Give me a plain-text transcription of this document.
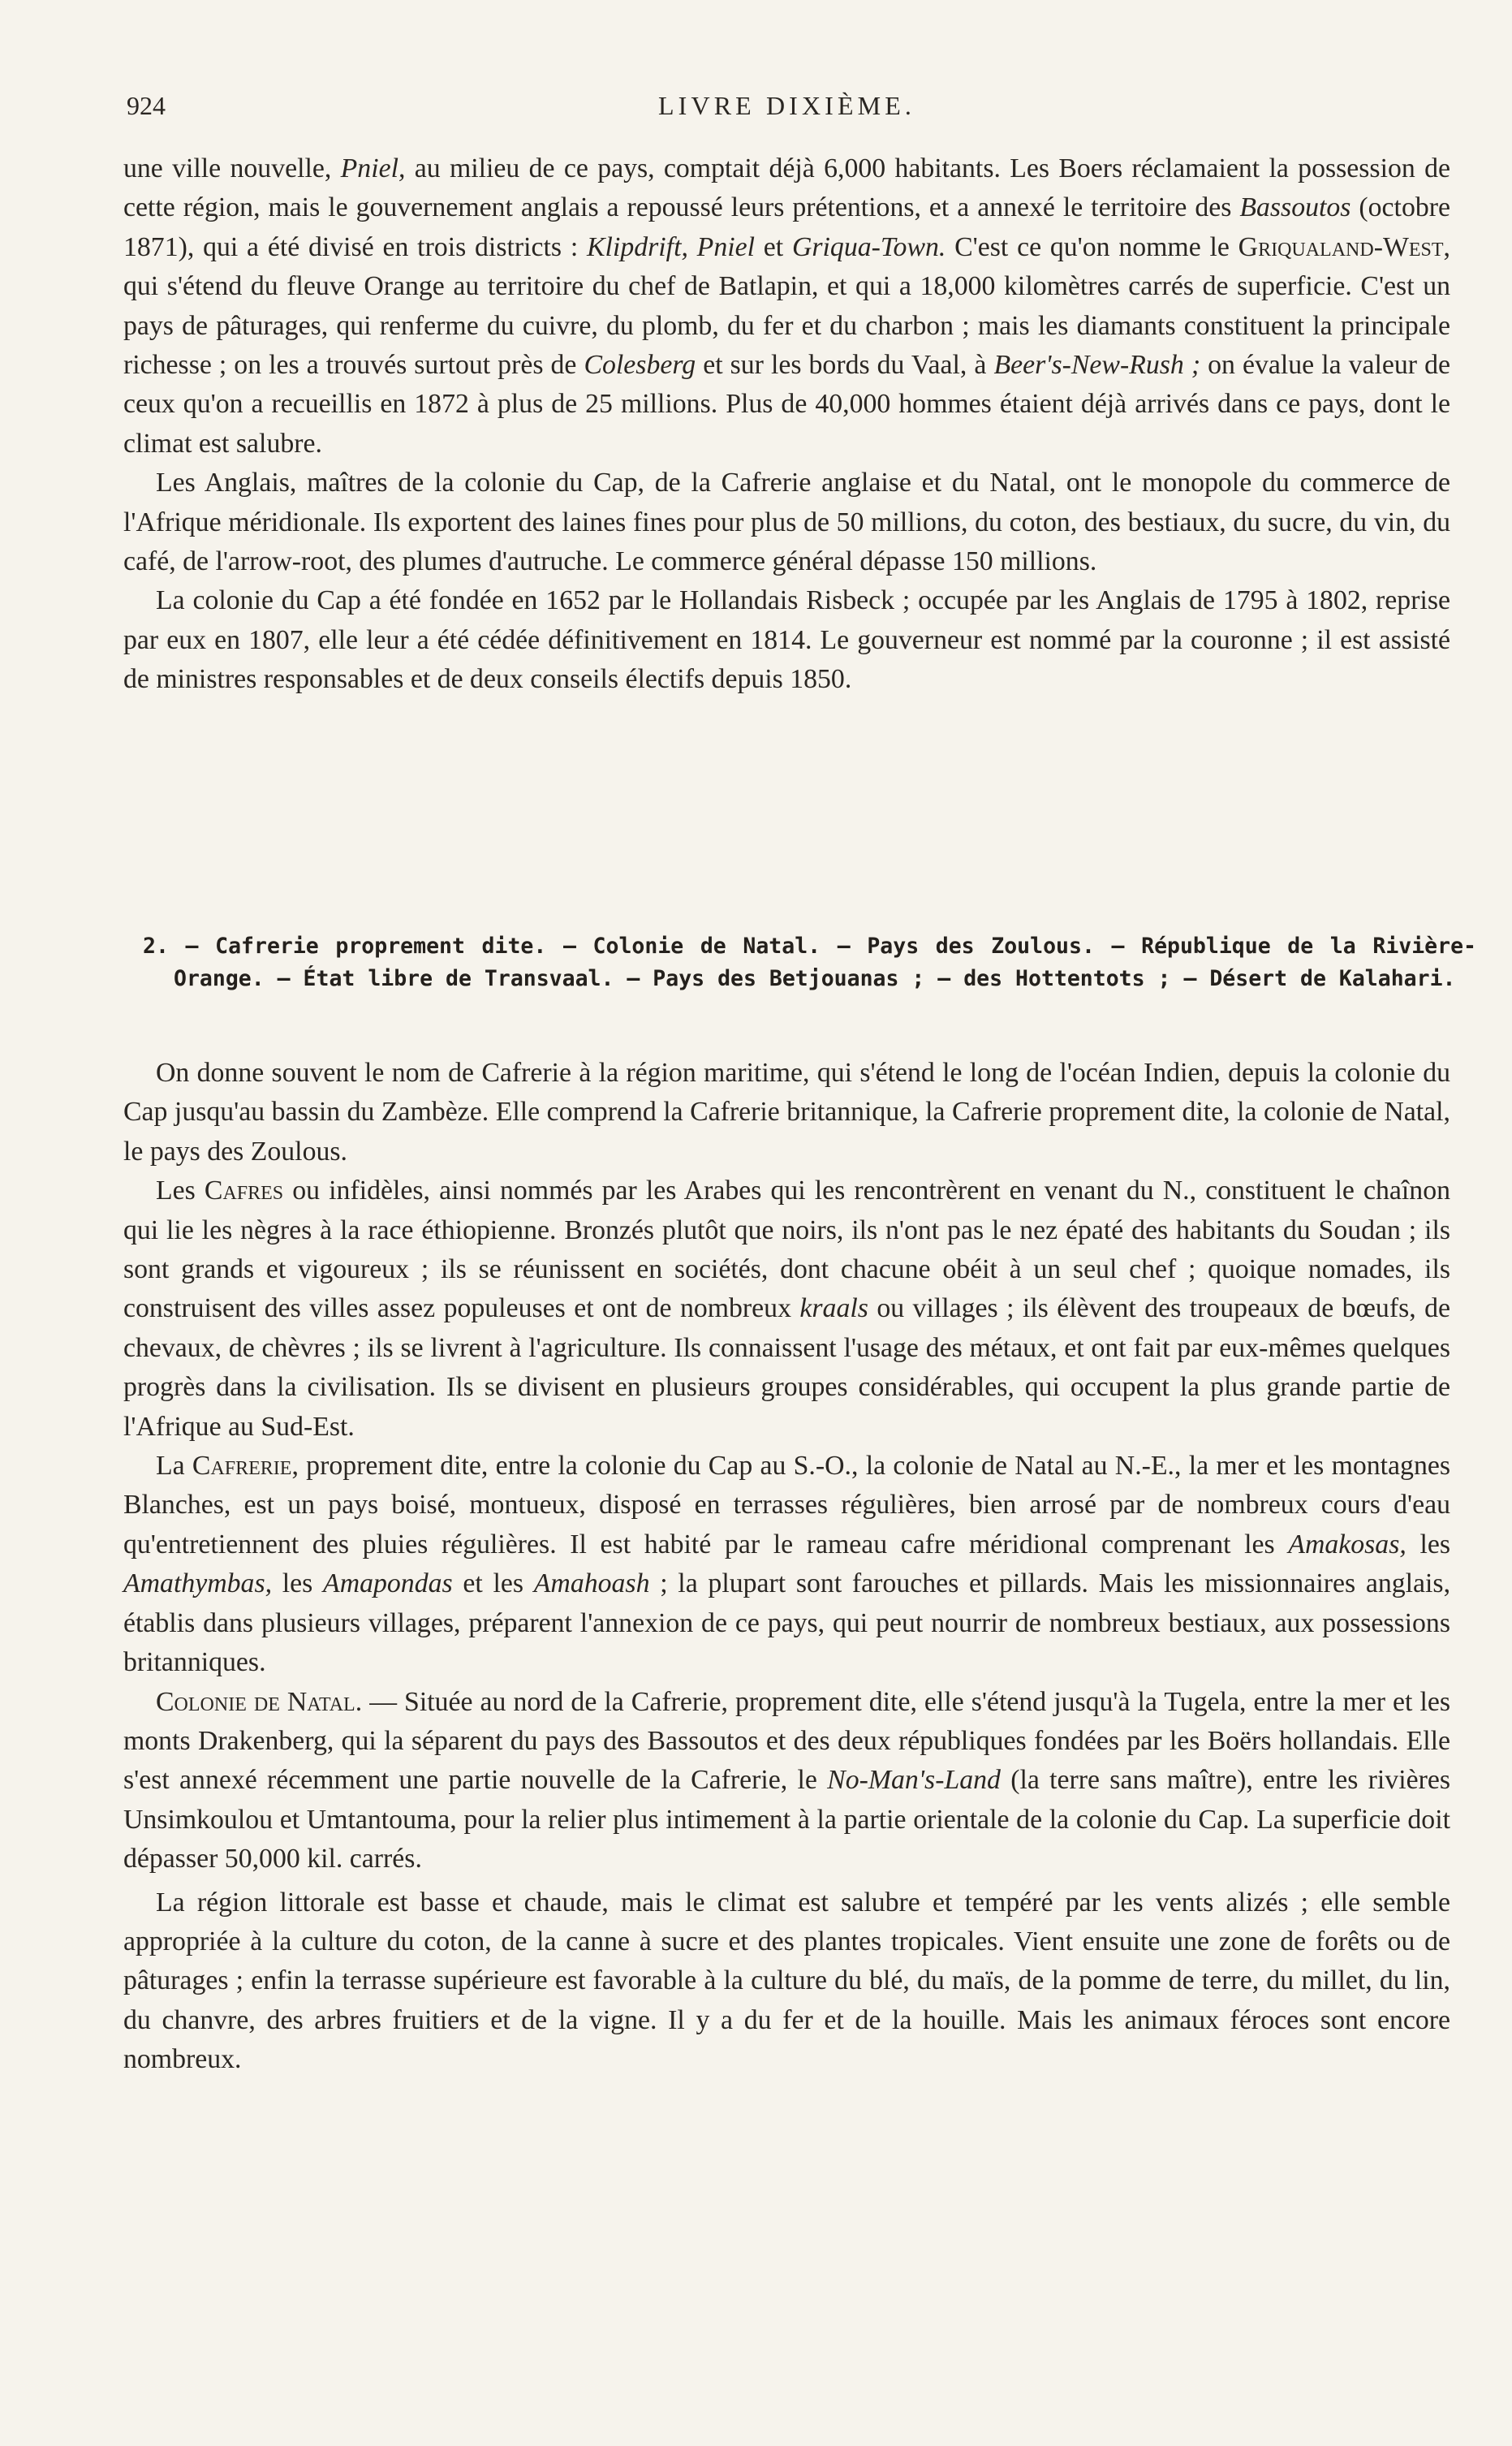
924	LIVRE DIXIÈME.

une ville nouvelle, Pniel, au milieu de ce pays, comptait déjà 6,000 habitants. Les Boers réclamaient la possession de cette région, mais le gouvernement anglais a repoussé leurs prétentions, et a annexé le territoire des Bassoutos (octobre 1871), qui a été divisé en trois districts : Klipdrift, Pniel et Griqua-Town. C'est ce qu'on nomme le Griqualand-West, qui s'étend du fleuve Orange au territoire du chef de Batlapin, et qui a 18,000 kilomètres carrés de superficie. C'est un pays de pâturages, qui renferme du cuivre, du plomb, du fer et du charbon ; mais les diamants constituent la principale richesse ; on les a trouvés surtout près de Colesberg et sur les bords du Vaal, à Beer's-New-Rush ; on évalue la valeur de ceux qu'on a recueillis en 1872 à plus de 25 millions. Plus de 40,000 hommes étaient déjà arrivés dans ce pays, dont le climat est salubre.

Les Anglais, maîtres de la colonie du Cap, de la Cafrerie anglaise et du Natal, ont le monopole du commerce de l'Afrique méridionale. Ils exportent des laines fines pour plus de 50 millions, du coton, des bestiaux, du sucre, du vin, du café, de l'arrow-root, des plumes d'autruche. Le commerce général dépasse 150 millions.

La colonie du Cap a été fondée en 1652 par le Hollandais Risbeck ; occupée par les Anglais de 1795 à 1802, reprise par eux en 1807, elle leur a été cédée définitivement en 1814. Le gouverneur est nommé par la couronne ; il est assisté de ministres responsables et de deux conseils électifs depuis 1850.

2. — Cafrerie proprement dite. — Colonie de Natal. — Pays des Zoulous. — République de la Rivière-Orange. — État libre de Transvaal. — Pays des Betjouanas ; — des Hottentots ; — Désert de Kalahari.

On donne souvent le nom de Cafrerie à la région maritime, qui s'étend le long de l'océan Indien, depuis la colonie du Cap jusqu'au bassin du Zambèze. Elle comprend la Cafrerie britannique, la Cafrerie proprement dite, la colonie de Natal, le pays des Zoulous.

Les Cafres ou infidèles, ainsi nommés par les Arabes qui les rencontrèrent en venant du N., constituent le chaînon qui lie les nègres à la race éthiopienne. Bronzés plutôt que noirs, ils n'ont pas le nez épaté des habitants du Soudan ; ils sont grands et vigoureux ; ils se réunissent en sociétés, dont chacune obéit à un seul chef ; quoique nomades, ils construisent des villes assez populeuses et ont de nombreux kraals ou villages ; ils élèvent des troupeaux de bœufs, de chevaux, de chèvres ; ils se livrent à l'agriculture. Ils connaissent l'usage des métaux, et ont fait par eux-mêmes quelques progrès dans la civilisation. Ils se divisent en plusieurs groupes considérables, qui occupent la plus grande partie de l'Afrique au Sud-Est.

La Cafrerie, proprement dite, entre la colonie du Cap au S.-O., la colonie de Natal au N.-E., la mer et les montagnes Blanches, est un pays boisé, montueux, disposé en terrasses régulières, bien arrosé par de nombreux cours d'eau qu'entretiennent des pluies régulières. Il est habité par le rameau cafre méridional comprenant les Amakosas, les Amathymbas, les Amapondas et les Amahoash ; la plupart sont farouches et pillards. Mais les missionnaires anglais, établis dans plusieurs villages, préparent l'annexion de ce pays, qui peut nourrir de nombreux bestiaux, aux possessions britanniques.

Colonie de Natal. — Située au nord de la Cafrerie, proprement dite, elle s'étend jusqu'à la Tugela, entre la mer et les monts Drakenberg, qui la séparent du pays des Bassoutos et des deux républiques fondées par les Boërs hollandais. Elle s'est annexé récemment une partie nouvelle de la Cafrerie, le No-Man's-Land (la terre sans maître), entre les rivières Unsimkoulou et Umtantouma, pour la relier plus intimement à la partie orientale de la colonie du Cap. La superficie doit dépasser 50,000 kil. carrés.

La région littorale est basse et chaude, mais le climat est salubre et tempéré par les vents alizés ; elle semble appropriée à la culture du coton, de la canne à sucre et des plantes tropicales. Vient ensuite une zone de forêts ou de pâturages ; enfin la terrasse supérieure est favorable à la culture du blé, du maïs, de la pomme de terre, du millet, du lin, du chanvre, des arbres fruitiers et de la vigne. Il y a du fer et de la houille. Mais les animaux féroces sont encore nombreux.
